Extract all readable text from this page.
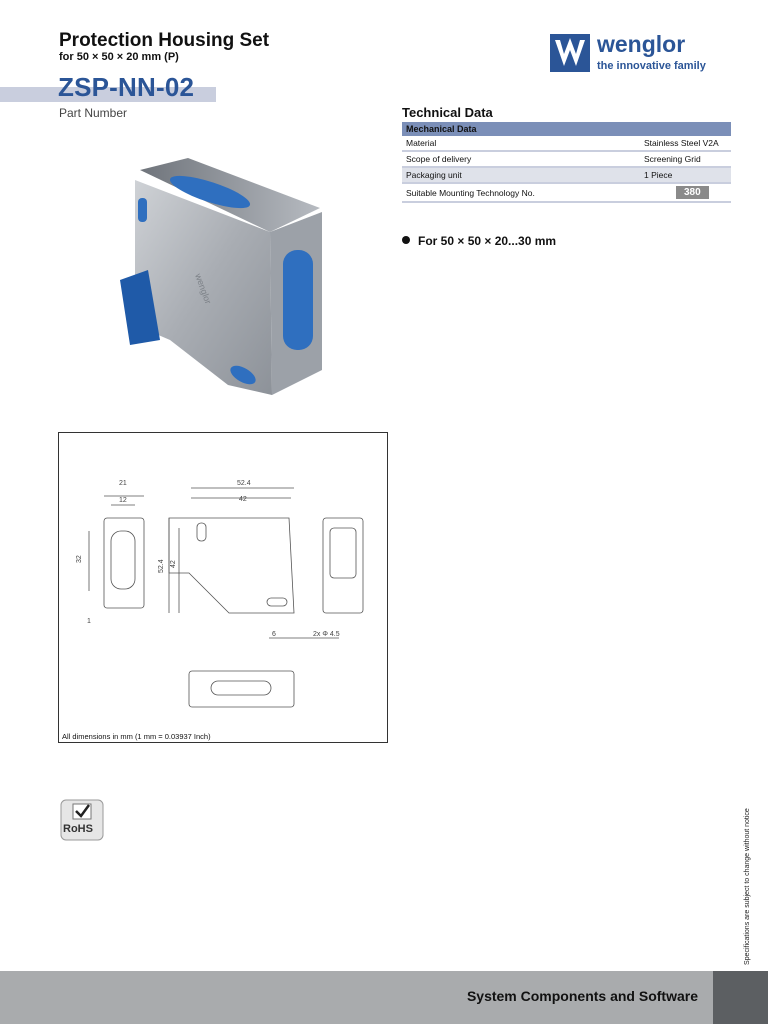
Protection Housing Set
for 50 × 50 × 20 mm (P)
ZSP-NN-02
Part Number
wenglor
the innovative family
Technical Data
Mechanical Data	
Material	Stainless Steel V2A
Scope of delivery	Screening Grid
Packaging unit	1 Piece
Suitable Mounting Technology No.	380
For 50 × 50 × 20...30 mm
wenglor
21
12
52.4
42
32
52.4 42
6	2x Φ 4.5
1
All dimensions in mm (1 mm = 0.03937 Inch)
RoHS	Specifications are subject to change without notice
System Components and Software
